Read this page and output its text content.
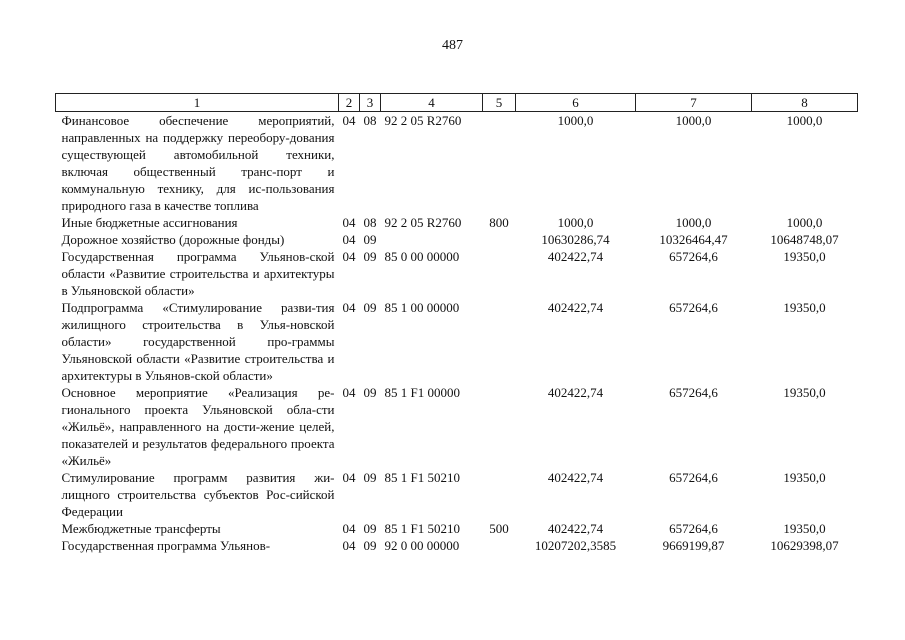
487
1	2	3	4	5	6	7	8
Финансовое обеспечение мероприятий, направленных на поддержку переобору-дования существующей автомобильной техники, включая общественный транс-порт и коммунальную технику, для ис-пользования природного газа в качестве топлива	04	08	92 2 05 R2760		1000,0	1000,0	1000,0
Иные бюджетные ассигнования	04	08	92 2 05 R2760	800	1000,0	1000,0	1000,0
Дорожное хозяйство (дорожные фонды)	04	09			10630286,74	10326464,47	10648748,07
Государственная программа Ульянов-ской области «Развитие строительства и архитектуры в Ульяновской области»	04	09	85 0 00 00000		402422,74	657264,6	19350,0
Подпрограмма «Стимулирование разви-тия жилищного строительства в Улья-новской области» государственной про-граммы Ульяновской области «Развитие строительства и архитектуры в Ульянов-ской области»	04	09	85 1 00 00000		402422,74	657264,6	19350,0
Основное мероприятие «Реализация ре-гионального проекта Ульяновской обла-сти «Жильё», направленного на дости-жение целей, показателей и результатов федерального проекта «Жильё»	04	09	85 1 F1 00000		402422,74	657264,6	19350,0
Стимулирование программ развития жи-лищного строительства субъектов Рос-сийской Федерации	04	09	85 1 F1 50210		402422,74	657264,6	19350,0
Межбюджетные трансферты	04	09	85 1 F1 50210	500	402422,74	657264,6	19350,0
Государственная программа Ульянов-	04	09	92 0 00 00000		10207202,3585	9669199,87	10629398,07
